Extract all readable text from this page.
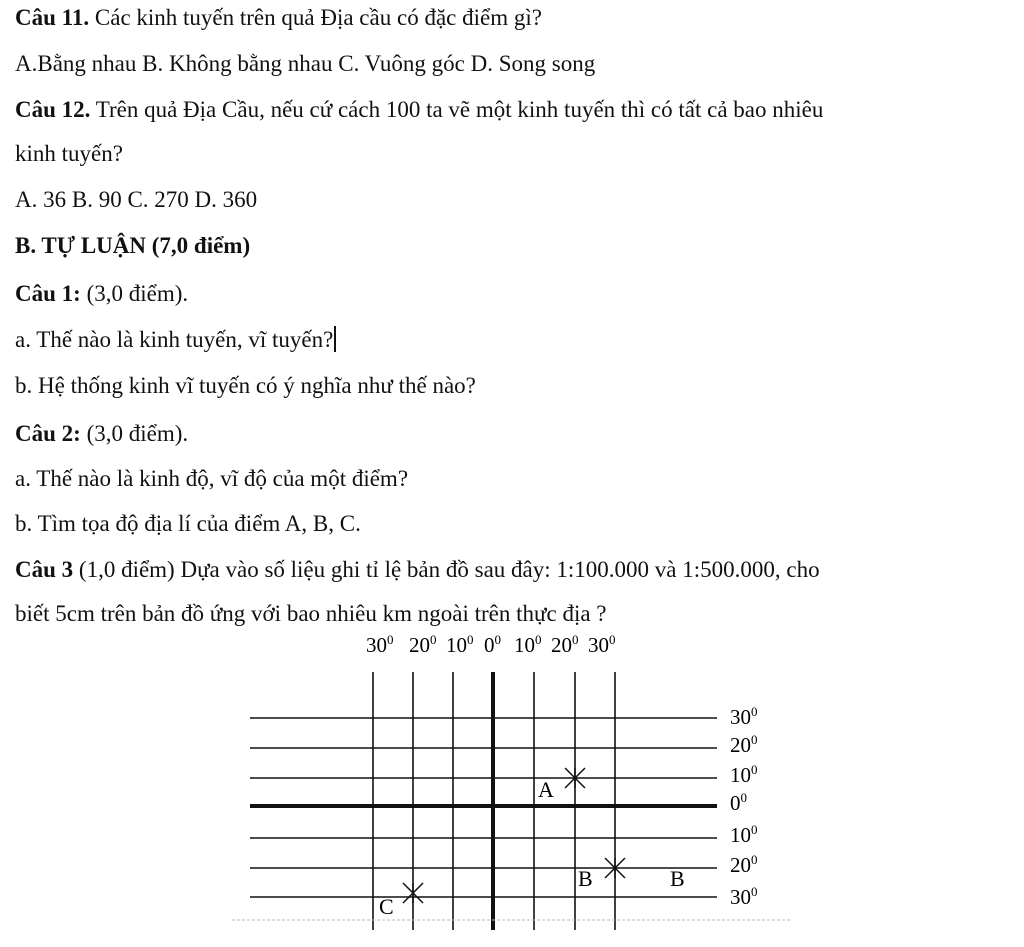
Câu 11. Các kinh tuyến trên quả Địa cầu có đặc điểm gì?
A.Bằng nhau B. Không bằng nhau C. Vuông góc D. Song song
Câu 12. Trên quả Địa Cầu, nếu cứ cách 100 ta vẽ một kinh tuyến thì có tất cả bao nhiêu
kinh tuyến?
A. 36 B. 90 C. 270 D. 360
B. TỰ LUẬN (7,0 điểm)
Câu 1: (3,0 điểm).
a. Thế nào là kinh tuyến, vĩ tuyến?
b. Hệ thống kinh vĩ tuyến có ý nghĩa như thế nào?
Câu 2: (3,0 điểm).
a. Thế nào là kinh độ, vĩ độ của một điểm?
b. Tìm tọa độ địa lí của điểm A, B, C.
Câu 3 (1,0 điểm) Dựa vào số liệu ghi tỉ lệ bản đồ sau đây: 1:100.000 và 1:500.000, cho
biết 5cm trên bản đồ ứng với bao nhiêu km ngoài trên thực địa ?
$30^0$ $20^0$ $10^0$ $0^0$ $10^0$ $20^0$ $30^0$
$30^0$
$20^0$
$10^0$
$0^0$
$10^0$
$20^0$
$30^0$
A
B	B
C
